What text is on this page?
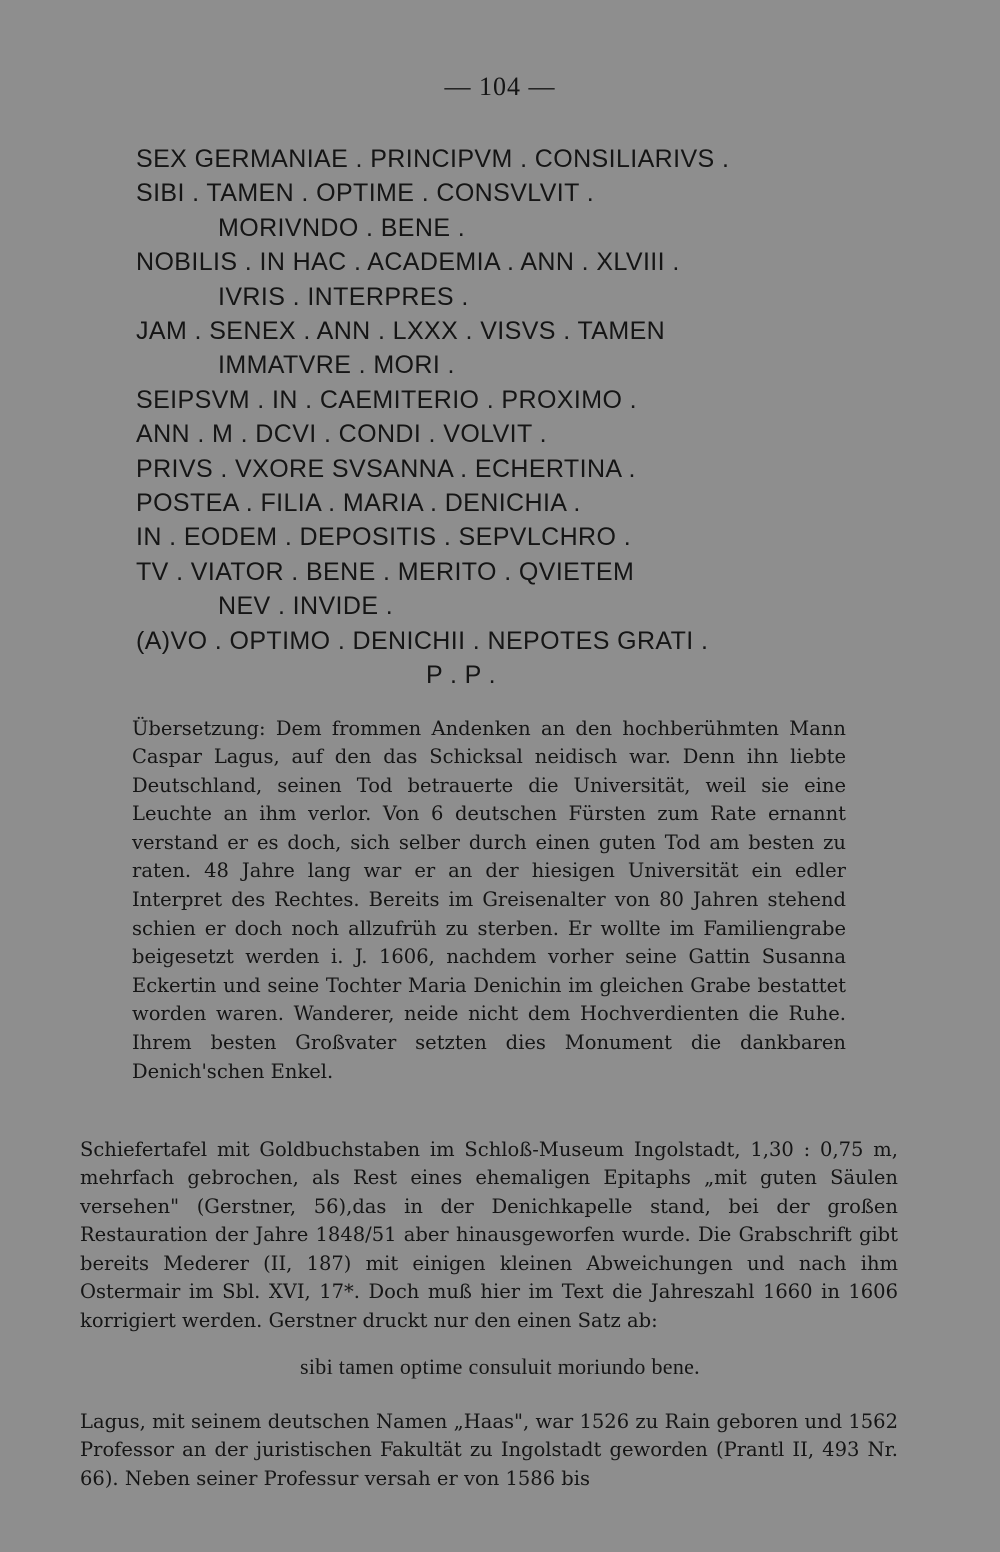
— 104 —
SEX GERMANIAE . PRINCIPVM . CONSILIARIVS .
SIBI . TAMEN . OPTIME . CONSVLVIT .
MORIVNDO . BENE .
NOBILIS . IN HAC . ACADEMIA . ANN . XLVIII .
IVRIS . INTERPRES .
JAM . SENEX . ANN . LXXX . VISVS . TAMEN
IMMATVRE . MORI .
SEIPSVM . IN . CAEMITERIO . PROXIMO .
ANN . M . DCVI . CONDI . VOLVIT .
PRIVS . VXORE SVSANNA . ECHERTINA .
POSTEA . FILIA . MARIA . DENICHIA .
IN . EODEM . DEPOSITIS . SEPVLCHRO .
TV . VIATOR . BENE . MERITO . QVIETEM
NEV . INVIDE .
(A)VO . OPTIMO . DENICHII . NEPOTES GRATI .
P . P .

Übersetzung: Dem frommen Andenken an den hochberühmten Mann Caspar Lagus, auf den das Schicksal neidisch war. Denn ihn liebte Deutschland, seinen Tod betrauerte die Universität, weil sie eine Leuchte an ihm verlor. Von 6 deutschen Fürsten zum Rate ernannt verstand er es doch, sich selber durch einen guten Tod am besten zu raten. 48 Jahre lang war er an der hiesigen Universität ein edler Interpret des Rechtes. Bereits im Greisenalter von 80 Jahren stehend schien er doch noch allzufrüh zu sterben. Er wollte im Familiengrabe beigesetzt werden i. J. 1606, nachdem vorher seine Gattin Susanna Eckertin und seine Tochter Maria Denichin im gleichen Grabe bestattet worden waren. Wanderer, neide nicht dem Hochverdienten die Ruhe. Ihrem besten Großvater setzten dies Monument die dankbaren Denich'schen Enkel.

Schiefertafel mit Goldbuchstaben im Schloß-Museum Ingolstadt, 1,30 : 0,75 m, mehrfach gebrochen, als Rest eines ehemaligen Epitaphs „mit guten Säulen versehen" (Gerstner, 56),das in der Denichkapelle stand, bei der großen Restauration der Jahre 1848/51 aber hinausgeworfen wurde. Die Grabschrift gibt bereits Mederer (II, 187) mit einigen kleinen Abweichungen und nach ihm Ostermair im Sbl. XVI, 17*. Doch muß hier im Text die Jahreszahl 1660 in 1606 korrigiert werden. Gerstner druckt nur den einen Satz ab:

sibi tamen optime consuluit moriundo bene.

Lagus, mit seinem deutschen Namen „Haas", war 1526 zu Rain geboren und 1562 Professor an der juristischen Fakultät zu Ingolstadt geworden (Prantl II, 493 Nr. 66). Neben seiner Professur versah er von 1586 bis
